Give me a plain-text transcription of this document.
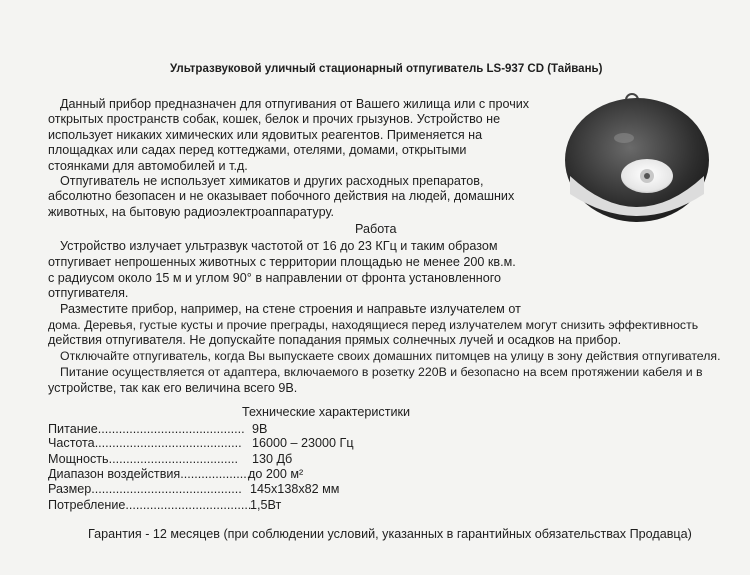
Ультразвуковой уличный стационарный отпугиватель LS-937 CD (Тайвань)
Данный прибор предназначен для отпугивания от Вашего жилища или с прочих
открытых пространств собак, кошек, белок и прочих грызунов. Устройство не
использует никаких химических или ядовитых реагентов. Применяется на
площадках или садах перед коттеджами, отелями, домами, открытыми
стоянками для автомобилей и т.д.
Отпугиватель не использует химикатов и других расходных препаратов,
абсолютно безопасен и не оказывает побочного действия на людей, домашних
животных, на бытовую радиоэлектроаппаратуру.
Работа
Устройство излучает ультразвук частотой от 16 до 23 КГц и таким образом
отпугивает непрошенных животных с территории площадью не менее 200 кв.м.
с радиусом около 15 м и углом 90° в направлении от фронта установленного
отпугивателя.
Разместите прибор, например, на стене строения и направьте излучателем от
дома. Деревья, густые кусты и прочие преграды, находящиеся перед излучателем могут снизить эффективность
действия отпугивателя. Не допускайте попадания прямых солнечных лучей и осадков на прибор.
Отключайте отпугиватель, когда Вы выпускаете своих домашних питомцев на улицу в зону действия отпугивателя.
Питание осуществляется от адаптера, включаемого в розетку 220В и безопасно на всем протяжении кабеля и в
устройстве, так как его величина всего 9В.
Технические характеристики
Питание.......................................... 9В
Частота.......................................... 16000 – 23000 Гц
Мощность..................................... 130 Дб
Диапазон воздействия....................
до 200 м²
Размер........................................... 145х138х82 мм
Потребление....................................
1,5Вт
Гарантия - 12 месяцев (при соблюдении условий, указанных в гарантийных обязательствах Продавца)
